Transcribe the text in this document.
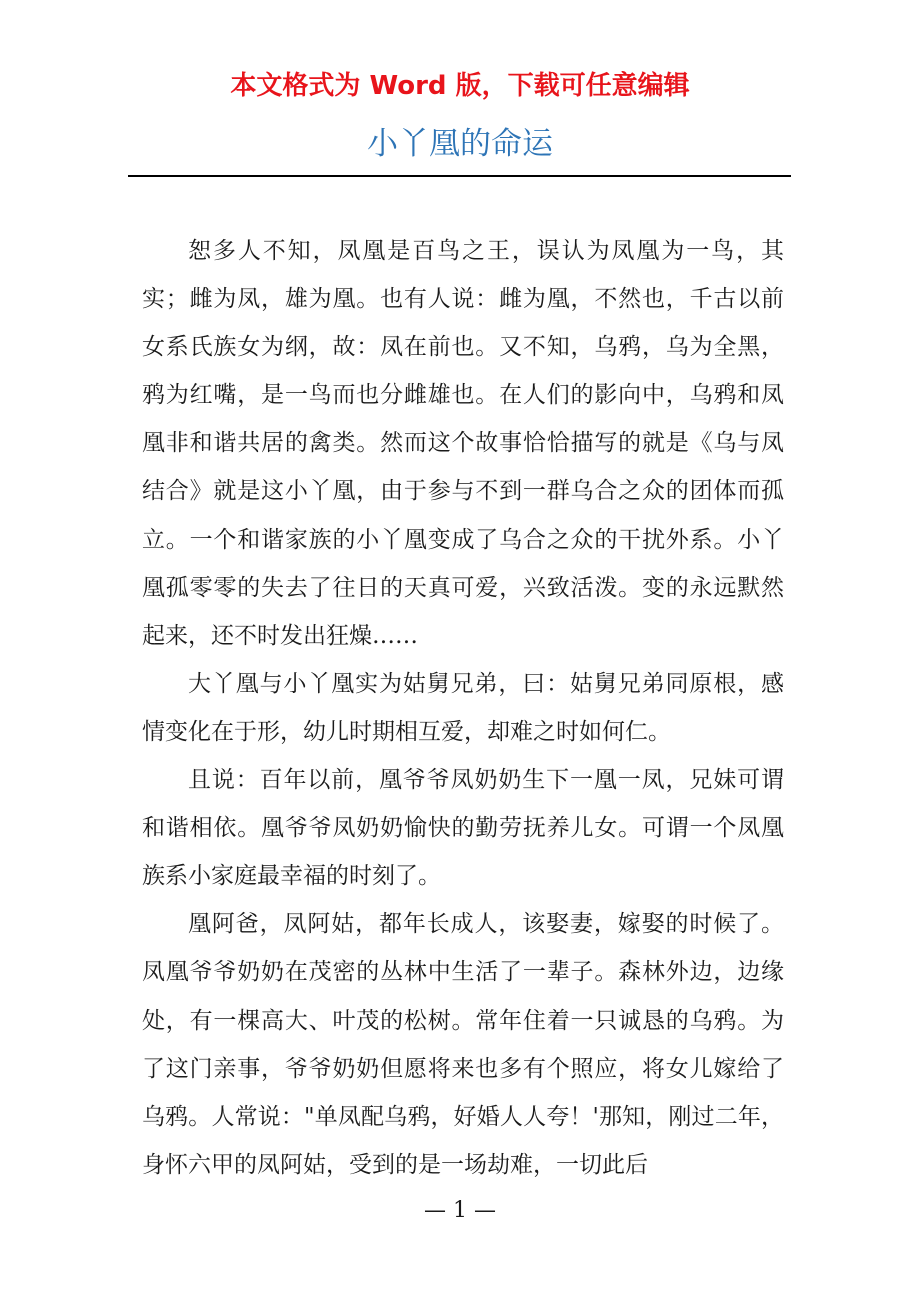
本文格式为 Word 版，下载可任意编辑
小丫凰的命运

恕多人不知，凤凰是百鸟之王，误认为凤凰为一鸟，其实；雌为凤，雄为凰。也有人说：雌为凰，不然也，千古以前女系氏族女为纲，故：凤在前也。又不知，乌鸦，乌为全黑，鸦为红嘴，是一鸟而也分雌雄也。在人们的影向中，乌鸦和凤凰非和谐共居的禽类。然而这个故事恰恰描写的就是《乌与凤结合》就是这小丫凰，由于参与不到一群乌合之众的团体而孤立。一个和谐家族的小丫凰变成了乌合之众的干扰外系。小丫凰孤零零的失去了往日的天真可爱，兴致活泼。变的永远默然起来，还不时发出狂燥……

大丫凰与小丫凰实为姑舅兄弟，曰：姑舅兄弟同原根，感情变化在于形，幼儿时期相互爱，却难之时如何仁。

且说：百年以前，凰爷爷凤奶奶生下一凰一凤，兄妹可谓和谐相依。凰爷爷凤奶奶愉快的勤劳抚养儿女。可谓一个凤凰族系小家庭最幸福的时刻了。

凰阿爸，凤阿姑，都年长成人，该娶妻，嫁娶的时候了。凤凰爷爷奶奶在茂密的丛林中生活了一辈子。森林外边，边缘处，有一棵高大、叶茂的松树。常年住着一只诚恳的乌鸦。为了这门亲事，爷爷奶奶但愿将来也多有个照应，将女儿嫁给了乌鸦。人常说："单凤配乌鸦，好婚人人夸！'那知，刚过二年，身怀六甲的凤阿姑，受到的是一场劫难，一切此后

— 1 —
